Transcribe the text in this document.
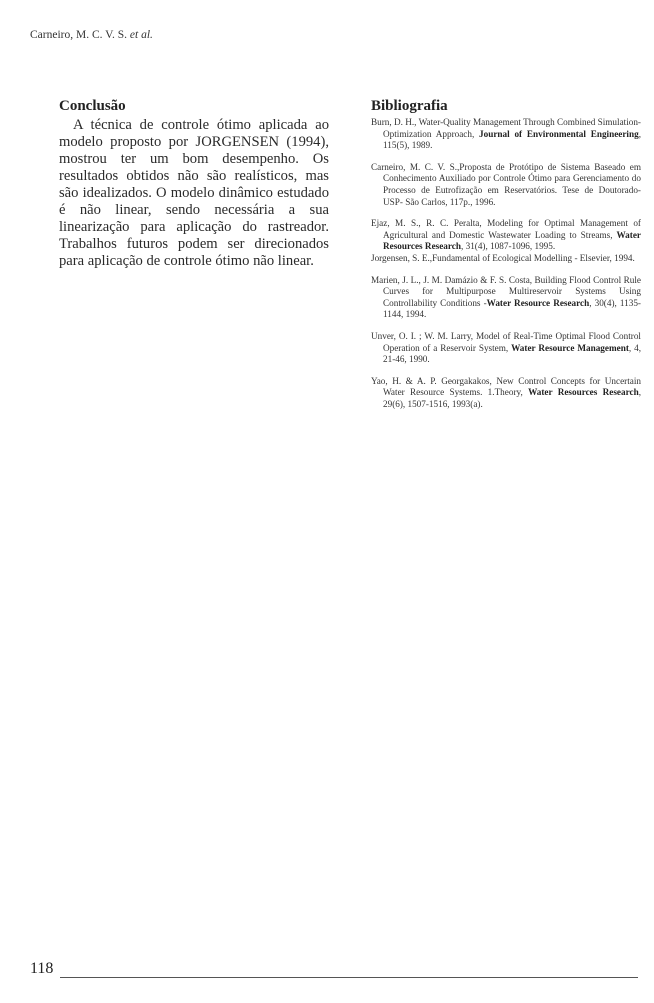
Carneiro, M. C. V. S. et al.
Conclusão

A técnica de controle ótimo aplicada ao modelo proposto por JORGENSEN (1994), mostrou ter um bom desempenho. Os resultados obtidos não são realísticos, mas são idealizados. O modelo dinâmico estudado é não linear, sendo necessária a sua linearização para aplicação do rastreador. Trabalhos futuros podem ser direcionados para aplicação de controle ótimo não linear.

Bibliografia
Burn, D. H., Water-Quality Management Through Combined Simulation-Optimization Approach, Journal of Environmental Engineering, 115(5), 1989.
Carneiro, M. C. V. S.,Proposta de Protótipo de Sistema Baseado em Conhecimento Auxiliado por Controle Ótimo para Gerenciamento do Processo de Eutrofização em Reservatórios. Tese de Doutorado- USP- São Carlos, 117p., 1996.
Ejaz, M. S., R. C. Peralta, Modeling for Optimal Management of Agricultural and Domestic Wastewater Loading to Streams, Water Resources Research, 31(4), 1087-1096, 1995.
Jorgensen, S. E.,Fundamental of Ecological Modelling - Elsevier, 1994.
Marien, J. L., J. M. Damázio & F. S. Costa, Building Flood Control Rule Curves for Multipurpose Multireservoir Systems Using Controllability Conditions -Water Resource Research, 30(4), 1135-1144, 1994.
Unver, O. I. ; W. M. Larry, Model of Real-Time Optimal Flood Control Operation of a Reservoir System, Water Resource Management, 4, 21-46, 1990.
Yao, H. & A. P. Georgakakos, New Control Concepts for Uncertain Water Resource Systems. 1.Theory, Water Resources Research, 29(6), 1507-1516, 1993(a).
118
